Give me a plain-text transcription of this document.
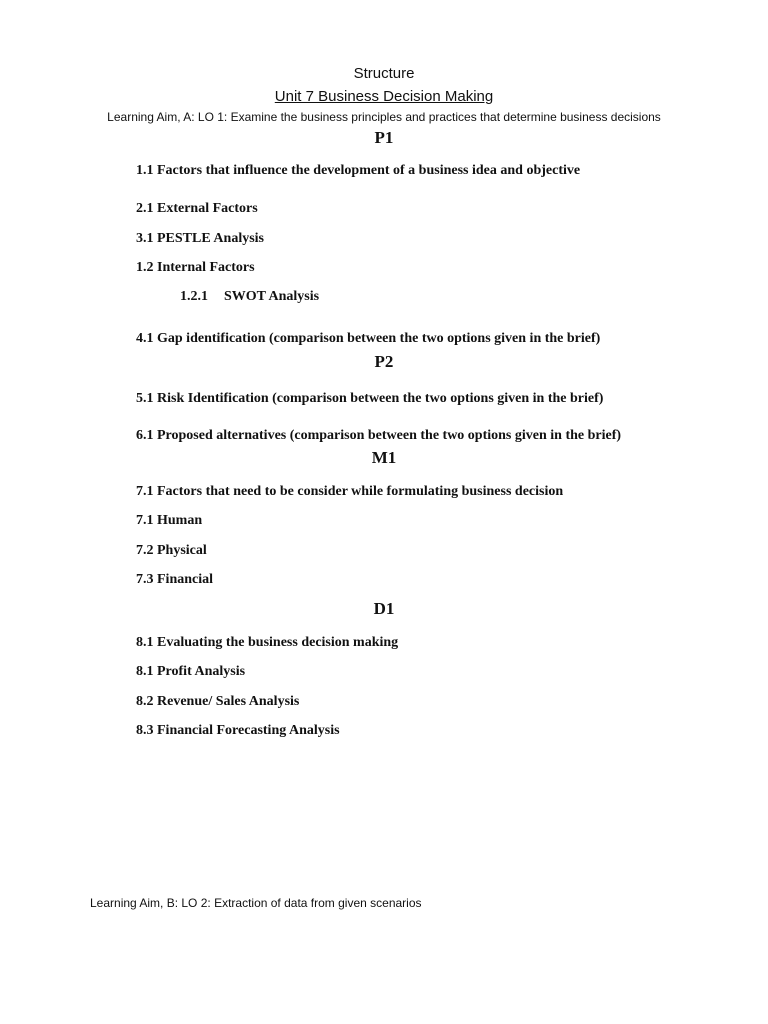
Structure
Unit 7 Business Decision Making
Learning Aim, A: LO 1: Examine the business principles and practices that determine business decisions
P1
1.1 Factors that influence the development of a business idea and objective
2.1 External Factors
3.1 PESTLE Analysis
1.2 Internal Factors
1.2.1 SWOT Analysis
4.1 Gap identification (comparison between the two options given in the brief)
P2
5.1 Risk Identification (comparison between the two options given in the brief)
6.1 Proposed alternatives (comparison between the two options given in the brief)
M1
7.1 Factors that need to be consider while formulating business decision
7.1 Human
7.2 Physical
7.3 Financial
D1
8.1 Evaluating the business decision making
8.1 Profit Analysis
8.2 Revenue/ Sales Analysis
8.3 Financial Forecasting Analysis
Learning Aim, B: LO 2: Extraction of data from given scenarios
